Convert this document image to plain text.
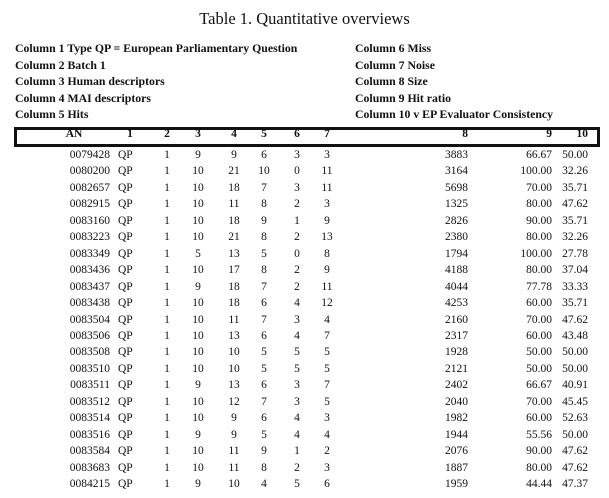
Table 1. Quantitative overviews
Column 1 Type QP = European Parliamentary Question
Column 2 Batch 1
Column 3 Human descriptors
Column 4 MAI descriptors
Column 5 Hits
Column 6 Miss
Column 7 Noise
Column 8 Size
Column 9 Hit ratio
Column 10 v EP Evaluator Consistency
AN	1	2	3	4	5	6	7	8	9	10
0079428 QP	1	9	9	6	3	3	3883	66.67 50.00
0080200 QP	1	10	21	10	0	11	3164	100.00 32.26
0082657 QP	1	10	18	7	3	11	5698	70.00 35.71
0082915 QP	1	10	11	8	2	3	1325	80.00 47.62
0083160 QP	1	10	18	9	1	9	2826	90.00 35.71
0083223 QP	1	10	21	8	2	13	2380	80.00 32.26
0083349 QP	1	5	13	5	0	8	1794	100.00 27.78
0083436 QP	1	10	17	8	2	9	4188	80.00 37.04
0083437 QP	1	9	18	7	2	11	4044	77.78 33.33
0083438 QP	1	10	18	6	4	12	4253	60.00 35.71
0083504 QP	1	10	11	7	3	4	2160	70.00 47.62
0083506 QP	1	10	13	6	4	7	2317	60.00 43.48
0083508 QP	1	10	10	5	5	5	1928	50.00 50.00
0083510 QP	1	10	10	5	5	5	2121	50.00 50.00
0083511 QP	1	9	13	6	3	7	2402	66.67 40.91
0083512 QP	1	10	12	7	3	5	2040	70.00 45.45
0083514 QP	1	10	9	6	4	3	1982	60.00 52.63
0083516 QP	1	9	9	5	4	4	1944	55.56 50.00
0083584 QP	1	10	11	9	1	2	2076	90.00 47.62
0083683 QP	1	10	11	8	2	3	1887	80.00 47.62
0084215 QP	1	9	10	4	5	6	1959	44.44 47.37
